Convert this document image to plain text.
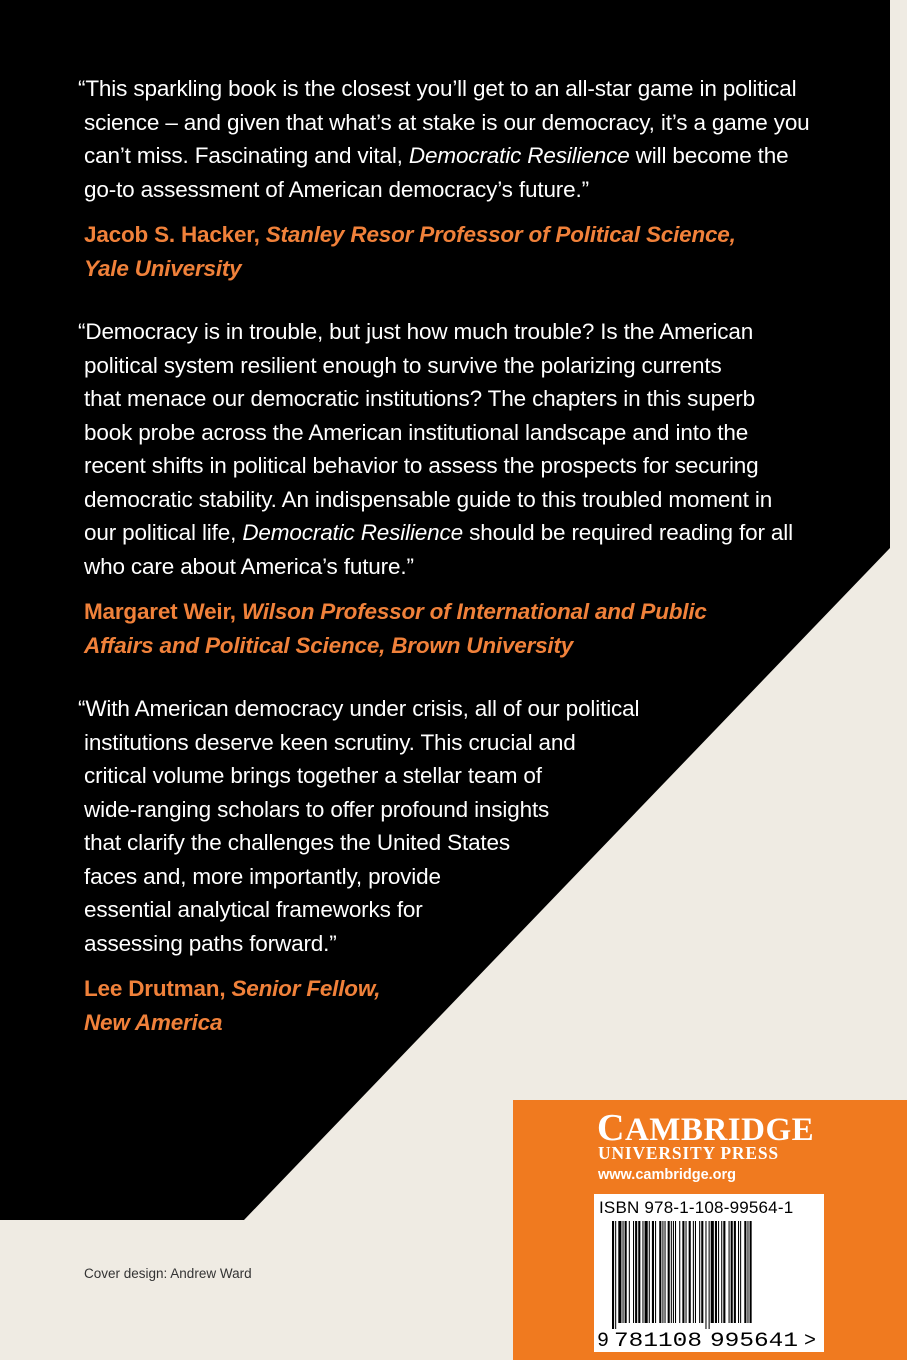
“This sparkling book is the closest you’ll get to an all-star game in political
science – and given that what’s at stake is our democracy, it’s a game you
can’t miss. Fascinating and vital, Democratic Resilience will become the
go-to assessment of American democracy’s future.”
Jacob S. Hacker, Stanley Resor Professor of Political Science,
Yale University
“Democracy is in trouble, but just how much trouble? Is the American
political system resilient enough to survive the polarizing currents
that menace our democratic institutions? The chapters in this superb
book probe across the American institutional landscape and into the
recent shifts in political behavior to assess the prospects for securing
democratic stability. An indispensable guide to this troubled moment in
our political life, Democratic Resilience should be required reading for all
who care about America’s future.”
Margaret Weir, Wilson Professor of International and Public
Affairs and Political Science, Brown University
“With American democracy under crisis, all of our political
institutions deserve keen scrutiny. This crucial and
critical volume brings together a stellar team of
wide-ranging scholars to offer profound insights
that clarify the challenges the United States
faces and, more importantly, provide
essential analytical frameworks for
assessing paths forward.”
Lee Drutman, Senior Fellow,
New America
Cover design: Andrew Ward
CAMBRIDGE
UNIVERSITY PRESS
www.cambridge.org
ISBN 978-1-108-99564-1
9 781108 995641 >
